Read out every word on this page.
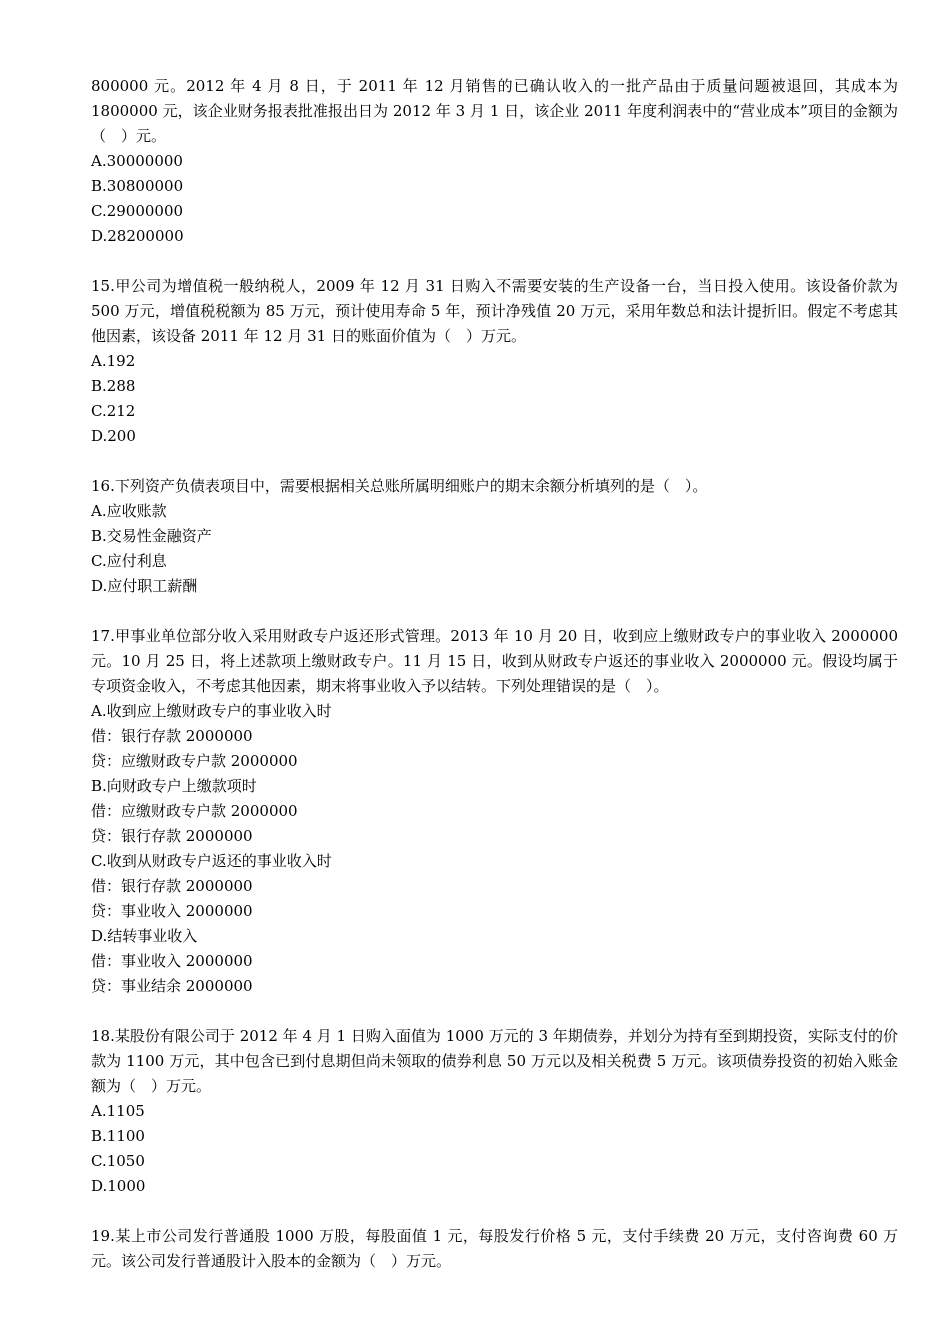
800000 元。2012 年 4 月 8 日，于 2011 年 12 月销售的已确认收入的一批产品由于质量问题被退回，其成本为 1800000 元，该企业财务报表批准报出日为 2012 年 3 月 1 日，该企业 2011 年度利润表中的“营业成本”项目的金额为（　）元。

A.30000000

B.30800000

C.29000000

D.28200000

15.甲公司为增值税一般纳税人，2009 年 12 月 31 日购入不需要安装的生产设备一台，当日投入使用。该设备价款为 500 万元，增值税税额为 85 万元，预计使用寿命 5 年，预计净残值 20 万元，采用年数总和法计提折旧。假定不考虑其他因素，该设备 2011 年 12 月 31 日的账面价值为（　）万元。

A.192

B.288

C.212

D.200

16.下列资产负债表项目中，需要根据相关总账所属明细账户的期末余额分析填列的是（　）。

A.应收账款

B.交易性金融资产

C.应付利息

D.应付职工薪酬

17.甲事业单位部分收入采用财政专户返还形式管理。2013 年 10 月 20 日，收到应上缴财政专户的事业收入 2000000 元。10 月 25 日，将上述款项上缴财政专户。11 月 15 日，收到从财政专户返还的事业收入 2000000 元。假设均属于专项资金收入，不考虑其他因素，期末将事业收入予以结转。下列处理错误的是（　）。

A.收到应上缴财政专户的事业收入时

借：银行存款 2000000

贷：应缴财政专户款 2000000

B.向财政专户上缴款项时

借：应缴财政专户款 2000000

贷：银行存款 2000000

C.收到从财政专户返还的事业收入时

借：银行存款 2000000

贷：事业收入 2000000

D.结转事业收入

借：事业收入 2000000

贷：事业结余 2000000

18.某股份有限公司于 2012 年 4 月 1 日购入面值为 1000 万元的 3 年期债券，并划分为持有至到期投资，实际支付的价款为 1100 万元，其中包含已到付息期但尚未领取的债券利息 50 万元以及相关税费 5 万元。该项债券投资的初始入账金额为（　）万元。

A.1105

B.1100

C.1050

D.1000

19.某上市公司发行普通股 1000 万股，每股面值 1 元，每股发行价格 5 元，支付手续费 20 万元，支付咨询费 60 万元。该公司发行普通股计入股本的金额为（　）万元。
